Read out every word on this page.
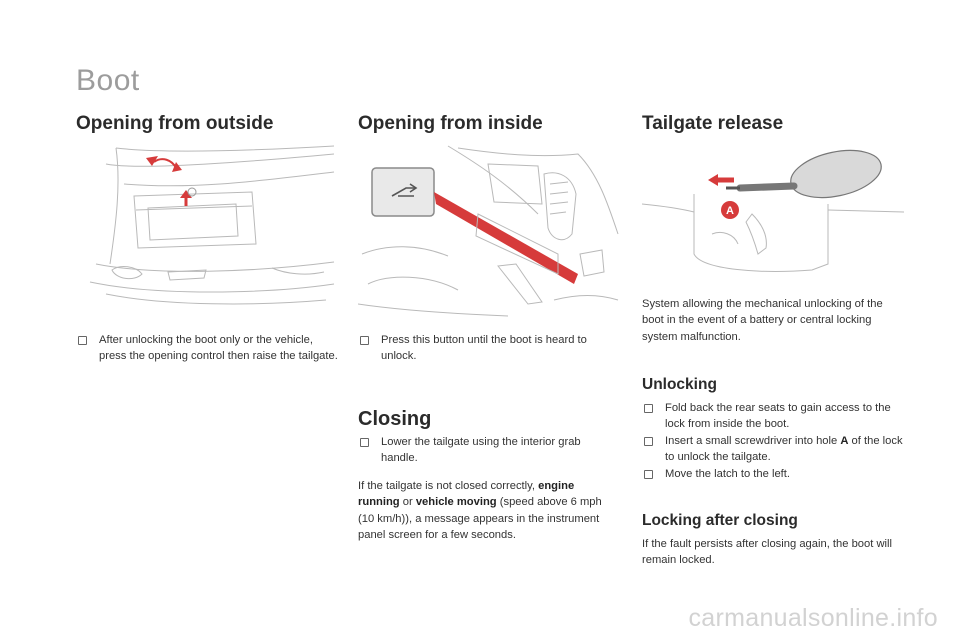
Boot
Opening from outside	Opening from inside	Tailgate release
A

After unlocking the boot only or the vehicle, press the opening control then raise the tailgate.

Press this button until the boot is heard to unlock.

Closing

Lower the tailgate using the interior grab handle.

If the tailgate is not closed correctly, engine running or vehicle moving (speed above 6 mph (10 km/h)), a message appears in the instrument panel screen for a few seconds.

System allowing the mechanical unlocking of the boot in the event of a battery or central locking system malfunction.

Unlocking

Fold back the rear seats to gain access to the lock from inside the boot.

Insert a small screwdriver into hole A of the lock to unlock the tailgate.

Move the latch to the left.

Locking after closing

If the fault persists after closing again, the boot will remain locked.

carmanualsonline.info
